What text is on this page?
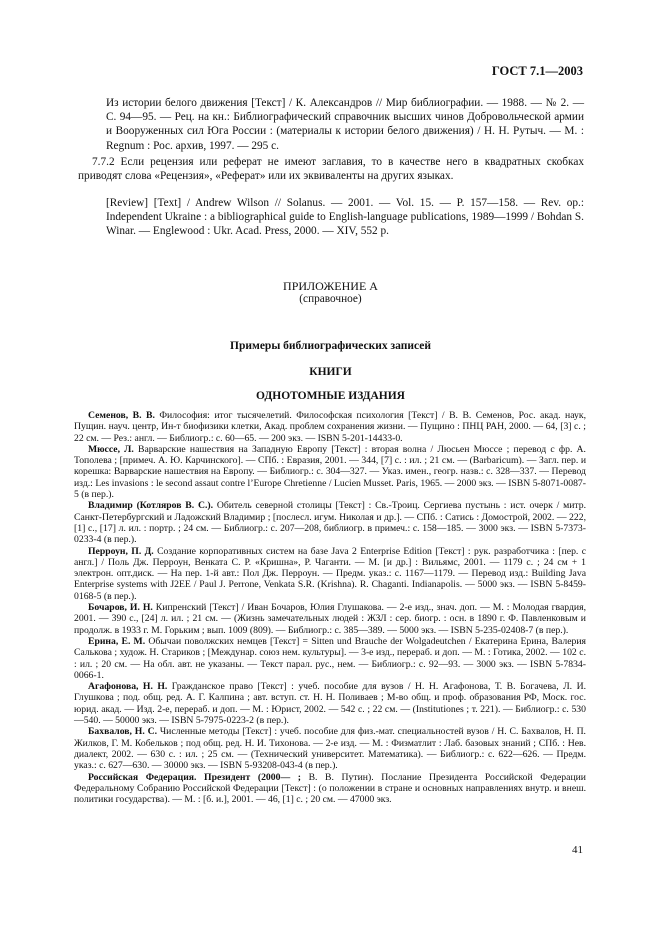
ГОСТ 7.1—2003

Из истории белого движения [Текст] / К. Александров // Мир библиографии. — 1988. — № 2. — С. 94—95. — Рец. на кн.: Библиографический справочник высших чинов Добровольческой армии и Вооруженных сил Юга России : (материалы к истории белого движения) / Н. Н. Рутыч. — М. : Regnum : Рос. архив, 1997. — 295 с.

7.7.2 Если рецензия или реферат не имеют заглавия, то в качестве него в квадратных скобках приводят слова «Рецензия», «Реферат» или их эквиваленты на других языках.

[Review] [Text] / Andrew Wilson // Solanus. — 2001. — Vol. 15. — P. 157—158. — Rev. op.: Independent Ukraine : a bibliographical guide to English-language publications, 1989—1999 / Bohdan S. Winar. — Englewood : Ukr. Acad. Press, 2000. — XIV, 552 p.

ПРИЛОЖЕНИЕ А
(справочное)
Примеры библиографических записей
КНИГИ
ОДНОТОМНЫЕ ИЗДАНИЯ

Семенов, В. В. Философия: итог тысячелетий. Философская психология [Текст] / В. В. Семенов, Рос. акад. наук, Пущин. науч. центр, Ин-т биофизики клетки, Акад. проблем сохранения жизни. — Пущино : ПНЦ РАН, 2000. — 64, [3] с. ; 22 см. — Рез.: англ. — Библиогр.: с. 60—65. — 200 экз. — ISBN 5-201-14433-0.

Мюссе, Л. Варварские нашествия на Западную Европу [Текст] : вторая волна / Люсьен Мюссе ; перевод с фр. А. Тополева ; [примеч. А. Ю. Карчинского]. — СПб. : Евразия, 2001. — 344, [7] с. : ил. ; 21 см. — (Barbaricum). — Загл. пер. и корешка: Варварские нашествия на Европу. — Библиогр.: с. 304—327. — Указ. имен., геогр. назв.: с. 328—337. — Перевод изд.: Les invasions : le second assaut contre l’Europe Chretienne / Lucien Musset. Paris, 1965. — 2000 экз. — ISBN 5-8071-0087-5 (в пер.).

Владимир (Котляров В. С.). Обитель северной столицы [Текст] : Св.-Троиц. Сергиева пустынь : ист. очерк / митр. Санкт-Петербургский и Ладожский Владимир ; [послесл. игум. Николая и др.]. — СПб. : Сатись : Домострой, 2002. — 222, [1] с., [17] л. ил. : портр. ; 24 см. — Библиогр.: с. 207—208, библиогр. в примеч.: с. 158—185. — 3000 экз. — ISBN 5-7373-0233-4 (в пер.).

Перроун, П. Д. Создание корпоративных систем на базе Java 2 Enterprise Edition [Текст] : рук. разработчика : [пер. с англ.] / Поль Дж. Перроун, Венката С. Р. «Кришна», Р. Чаганти. — М. [и др.] : Вильямс, 2001. — 1179 с. ; 24 см + 1 электрон. опт.диск. — На пер. 1-й авт.: Пол Дж. Перроун. — Предм. указ.: с. 1167—1179. — Перевод изд.: Building Java Enterprise systems with J2EE / Paul J. Perrone, Venkata S.R. (Krishna). R. Chaganti. Indianapolis. — 5000 экз. — ISBN 5-8459-0168-5 (в пер.).

Бочаров, И. Н. Кипренский [Текст] / Иван Бочаров, Юлия Глушакова. — 2-е изд., знач. доп. — М. : Молодая гвардия, 2001. — 390 с., [24] л. ил. ; 21 см. — (Жизнь замечательных людей : ЖЗЛ : сер. биогр. : осн. в 1890 г. Ф. Павленковым и продолж. в 1933 г. М. Горьким ; вып. 1009 (809). — Библиогр.: с. 385—389. — 5000 экз. — ISBN 5-235-02408-7 (в пер.).

Ерина, Е. М. Обычаи поволжских немцев [Текст] = Sitten und Brauche der Wolgadeutchen / Екатерина Ерина, Валерия Салькова ; худож. Н. Стариков ; [Междунар. союз нем. культуры]. — 3-е изд., перераб. и доп. — М. : Готика, 2002. — 102 с. : ил. ; 20 см. — На обл. авт. не указаны. — Текст парал. рус., нем. — Библиогр.: с. 92—93. — 3000 экз. — ISBN 5-7834-0066-1.

Агафонова, Н. Н. Гражданское право [Текст] : учеб. пособие для вузов / Н. Н. Агафонова, Т. В. Богачева, Л. И. Глушкова ; под. общ. ред. А. Г. Калпина ; авт. вступ. ст. Н. Н. Поливаев ; М-во общ. и проф. образования РФ, Моск. гос. юрид. акад. — Изд. 2-е, перераб. и доп. — М. : Юрист, 2002. — 542 с. ; 22 см. — (Institutiones ; т. 221). — Библиогр.: с. 530—540. — 50000 экз. — ISBN 5-7975-0223-2 (в пер.).

Бахвалов, Н. С. Численные методы [Текст] : учеб. пособие для физ.-мат. специальностей вузов / Н. С. Бахвалов, Н. П. Жилков, Г. М. Кобельков ; под общ. ред. Н. И. Тихонова. — 2-е изд. — М. : Физматлит : Лаб. базовых знаний ; СПб. : Нев. диалект, 2002. — 630 с. : ил. ; 25 см. — (Технический университет. Математика). — Библиогр.: с. 622—626. — Предм. указ.: с. 627—630. — 30000 экз. — ISBN 5-93208-043-4 (в пер.).

Российская Федерация. Президент (2000— ; В. В. Путин). Послание Президента Российской Федерации Федеральному Собранию Российской Федерации [Текст] : (о положении в стране и основных направлениях внутр. и внеш. политики государства). — М. : [б. и.], 2001. — 46, [1] с. ; 20 см. — 47000 экз.

41
